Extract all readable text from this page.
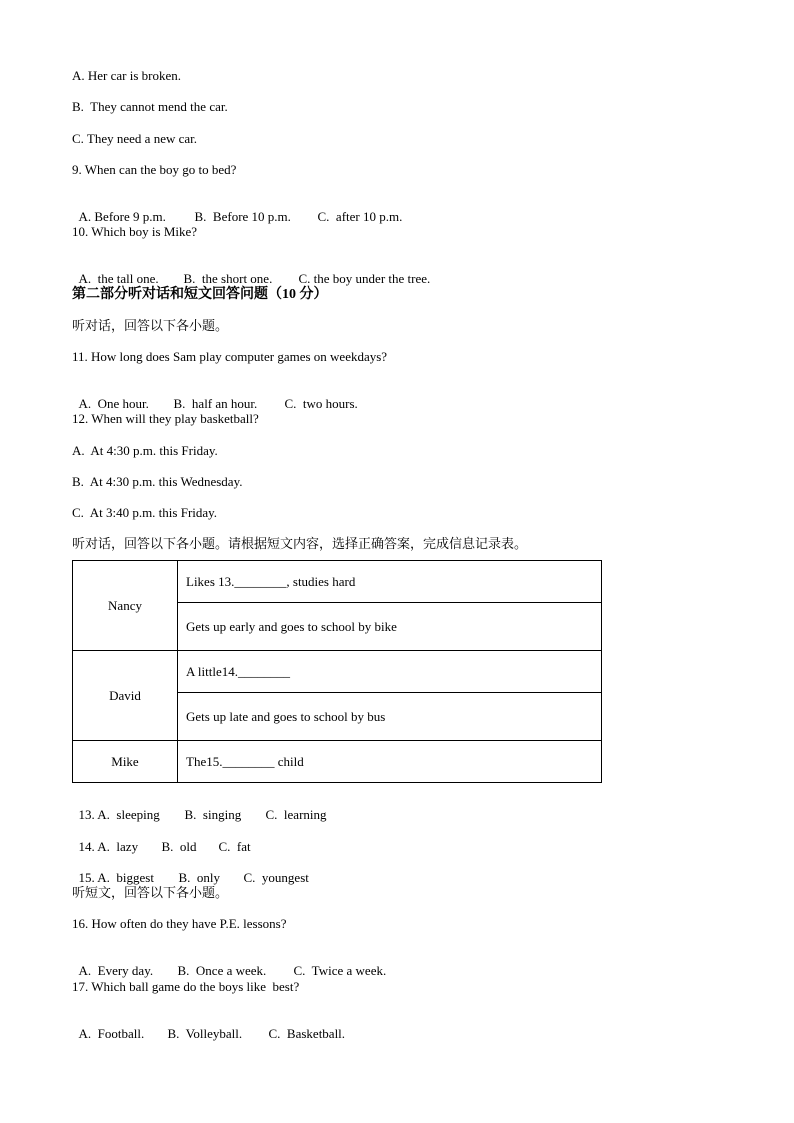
A. Her car is broken.
B.  They cannot mend the car.
C. They need a new car.
9. When can the boy go to bed?

A. Before 9 p.m. B.  Before 10 p.m. C.  after 10 p.m.

10. Which boy is Mike?

A.  the tall one. B.  the short one. C. the boy under the tree.

第二部分听对话和短文回答问题（10 分）
听对话，回答以下各小题。
11. How long does Sam play computer games on weekdays?

A.  One hour. B.  half an hour. C.  two hours.

12. When will they play basketball?
A.  At 4:30 p.m. this Friday.
B.  At 4:30 p.m. this Wednesday.
C.  At 3:40 p.m. this Friday.
听对话，回答以下各小题。请根据短文内容，选择正确答案，完成信息记录表。
Nancy	Likes 13.________, studies hard
	Gets up early and goes to school by bike
David	A little14.________
	Gets up late and goes to school by bus
Mike	The15.________ child

13. A.  sleeping B.  singing C.  learning

14. A.  lazy B.  old C.  fat

15. A.  biggest B.  only C.  youngest

听短文，回答以下各小题。
16. How often do they have P.E. lessons?

A.  Every day. B.  Once a week. C.  Twice a week.

17. Which ball game do the boys like  best?

A.  Football. B.  Volleyball. C.  Basketball.
